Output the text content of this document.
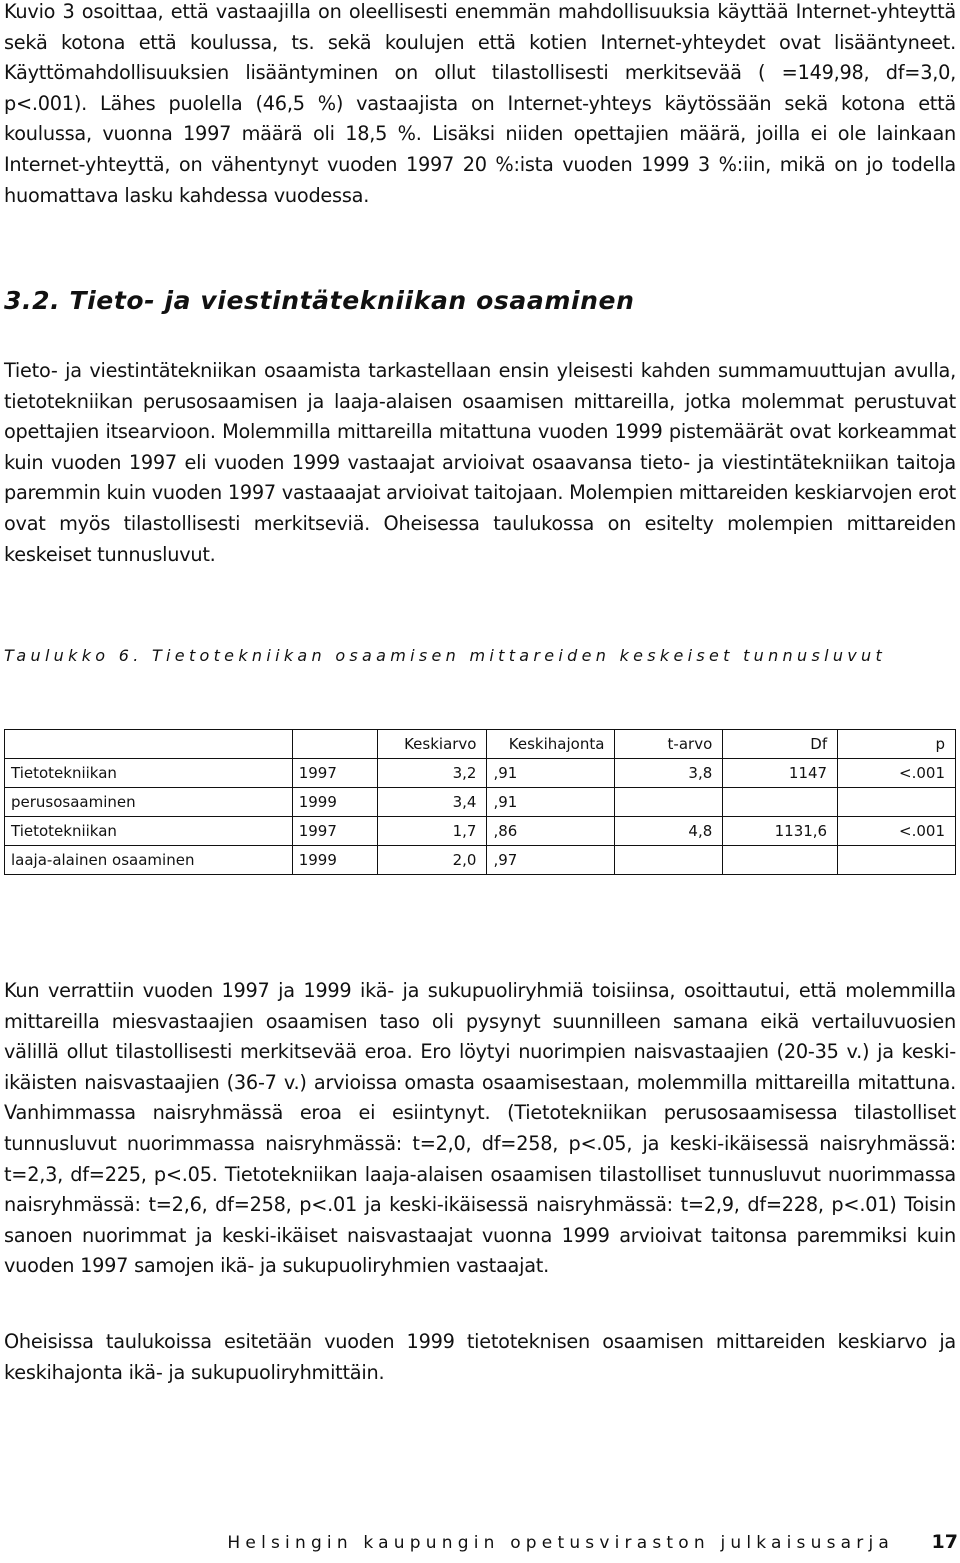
Kuvio 3 osoittaa, että vastaajilla on oleellisesti enemmän mahdollisuuksia käyttää Internet-yhteyttä sekä kotona että koulussa, ts. sekä koulujen että kotien Internet-yhteydet ovat lisääntyneet. Käyttömahdollisuuksien lisääntyminen on ollut tilastollisesti merkitsevää ( =149,98, df=3,0, p<.001). Lähes puolella (46,5 %) vastaajista on Internet-yhteys käytössään sekä kotona että koulussa, vuonna 1997 määrä oli 18,5 %. Lisäksi niiden opettajien määrä, joilla ei ole lainkaan Internet-yhteyttä, on vähentynyt vuoden 1997 20 %:ista vuoden 1999 3 %:iin, mikä on jo todella huomattava lasku kahdessa vuodessa.

3.2. Tieto- ja viestintätekniikan osaaminen

Tieto- ja viestintätekniikan osaamista tarkastellaan ensin yleisesti kahden summamuuttujan avulla, tietotekniikan perusosaamisen ja laaja-alaisen osaamisen mittareilla, jotka molemmat perustuvat opettajien itsearvioon. Molemmilla mittareilla mitattuna vuoden 1999 pistemäärät ovat korkeammat kuin vuoden 1997 eli vuoden 1999 vastaajat arvioivat osaavansa tieto- ja viestintätekniikan taitoja paremmin kuin vuoden 1997 vastaaajat arvioivat taitojaan. Molempien mittareiden keskiarvojen erot ovat myös tilastollisesti merkitseviä. Oheisessa taulukossa on esitelty molempien mittareiden keskeiset tunnusluvut.

Taulukko 6. Tietotekniikan osaamisen mittareiden keskeiset tunnusluvut

		Keskiarvo	Keskihajonta	t-arvo	Df	p
Tietotekniikan	1997	3,2	,91	3,8	1147	<.001
perusosaaminen	1999	3,4	,91			
Tietotekniikan	1997	1,7	,86	4,8	1131,6	<.001
laaja-alainen osaaminen	1999	2,0	,97			

Kun verrattiin vuoden 1997 ja 1999 ikä- ja sukupuoliryhmiä toisiinsa, osoittautui, että molemmilla mittareilla miesvastaajien osaamisen taso oli pysynyt suunnilleen samana eikä vertailuvuosien välillä ollut tilastollisesti merkitsevää eroa. Ero löytyi nuorimpien naisvastaajien (20-35 v.) ja keski-ikäisten naisvastaajien (36-7 v.) arvioissa omasta osaamisestaan, molemmilla mittareilla mitattuna. Vanhimmassa naisryhmässä eroa ei esiintynyt. (Tietotekniikan perusosaamisessa tilastolliset tunnusluvut nuorimmassa naisryhmässä: t=2,0, df=258, p<.05, ja keski-ikäisessä naisryhmässä: t=2,3, df=225, p<.05. Tietotekniikan laaja-alaisen osaamisen tilastolliset tunnusluvut nuorimmassa naisryhmässä: t=2,6, df=258, p<.01 ja keski-ikäisessä naisryhmässä: t=2,9, df=228, p<.01) Toisin sanoen nuorimmat ja keski-ikäiset naisvastaajat vuonna 1999 arvioivat taitonsa paremmiksi kuin vuoden 1997 samojen ikä- ja sukupuoliryhmien vastaajat.

Oheisissa taulukoissa esitetään vuoden 1999 tietoteknisen osaamisen mittareiden keskiarvo ja keskihajonta ikä- ja sukupuoliryhmittäin.

Helsingin kaupungin opetusviraston julkaisusarja 17
